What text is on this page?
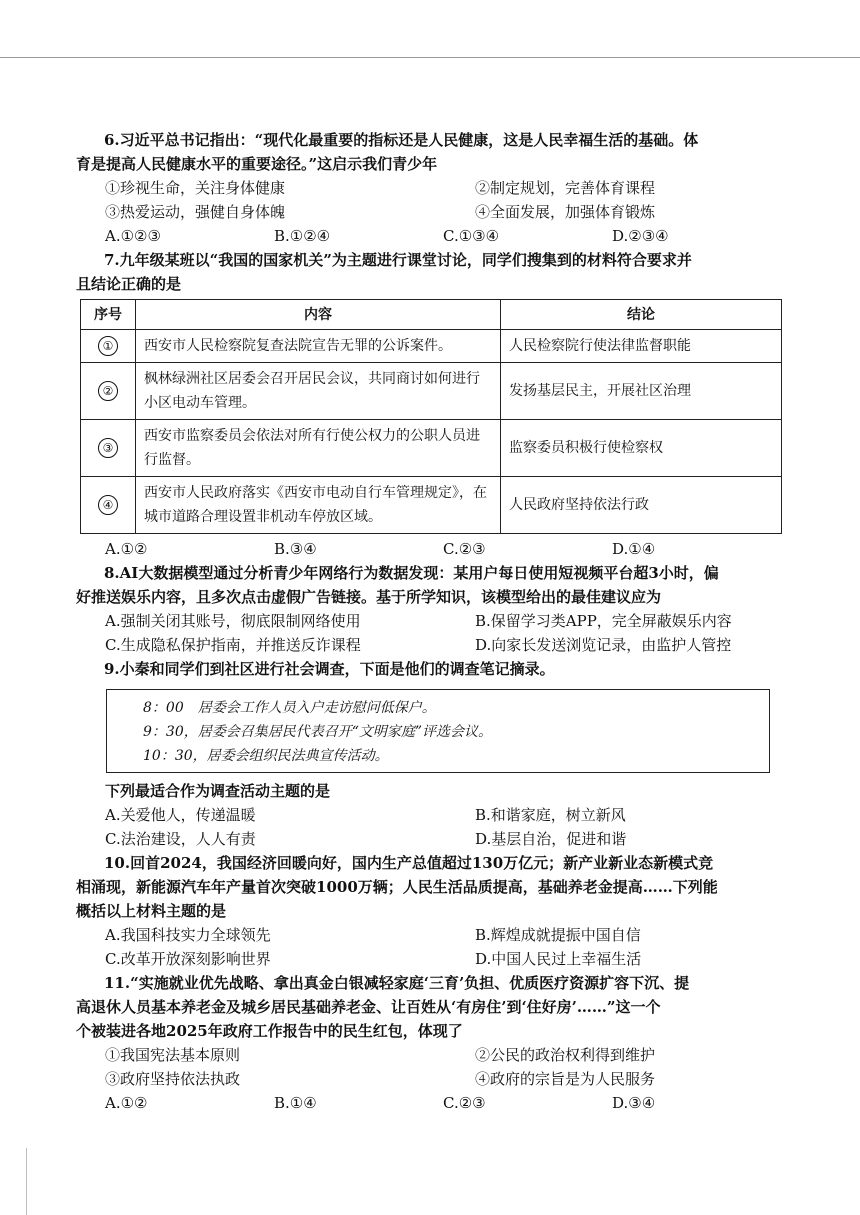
6.习近平总书记指出：“现代化最重要的指标还是人民健康，这是人民幸福生活的基础。体

育是提高人民健康水平的重要途径。”这启示我们青少年

①珍视生命，关注身体健康	②制定规划，完善体育课程
③热爱运动，强健自身体魄	④全面发展，加强体育锻炼
A.①②③	B.①②④	C.①③④	D.②③④

7.九年级某班以“我国的国家机关”为主题进行课堂讨论，同学们搜集到的材料符合要求并

且结论正确的是

序号	内容	结论
①	西安市人民检察院复查法院宣告无罪的公诉案件。	人民检察院行使法律监督职能
②	枫林绿洲社区居委会召开居民会议，共同商讨如何进行小区电动车管理。	发扬基层民主，开展社区治理
③	西安市监察委员会依法对所有行使公权力的公职人员进行监督。	监察委员积极行使检察权
④	西安市人民政府落实《西安市电动自行车管理规定》，在城市道路合理设置非机动车停放区域。	人民政府坚持依法行政
A.①②	B.③④	C.②③	D.①④

8.AI大数据模型通过分析青少年网络行为数据发现：某用户每日使用短视频平台超3小时，偏

好推送娱乐内容，且多次点击虚假广告链接。基于所学知识，该模型给出的最佳建议应为

A.强制关闭其账号，彻底限制网络使用	B.保留学习类APP，完全屏蔽娱乐内容
C.生成隐私保护指南，并推送反诈课程	D.向家长发送浏览记录，由监护人管控

9.小秦和同学们到社区进行社会调查，下面是他们的调查笔记摘录。

8：00　居委会工作人员入户走访慰问低保户。
9：30，居委会召集居民代表召开“文明家庭”评选会议。
10：30，居委会组织民法典宣传活动。

下列最适合作为调查活动主题的是

A.关爱他人，传递温暖	B.和谐家庭，树立新风
C.法治建设，人人有责	D.基层自治，促进和谐

10.回首2024，我国经济回暖向好，国内生产总值超过130万亿元；新产业新业态新模式竞

相涌现，新能源汽车年产量首次突破1000万辆；人民生活品质提高，基础养老金提高……下列能

概括以上材料主题的是

A.我国科技实力全球领先	B.辉煌成就提振中国自信
C.改革开放深刻影响世界	D.中国人民过上幸福生活

11.“实施就业优先战略、拿出真金白银减轻家庭‘三育’负担、优质医疗资源扩容下沉、提

高退休人员基本养老金及城乡居民基础养老金、让百姓从‘有房住’到‘住好房’……”这一个

个被装进各地2025年政府工作报告中的民生红包，体现了

①我国宪法基本原则	②公民的政治权利得到维护
③政府坚持依法执政	④政府的宗旨是为人民服务
A.①②	B.①④	C.②③	D.③④
